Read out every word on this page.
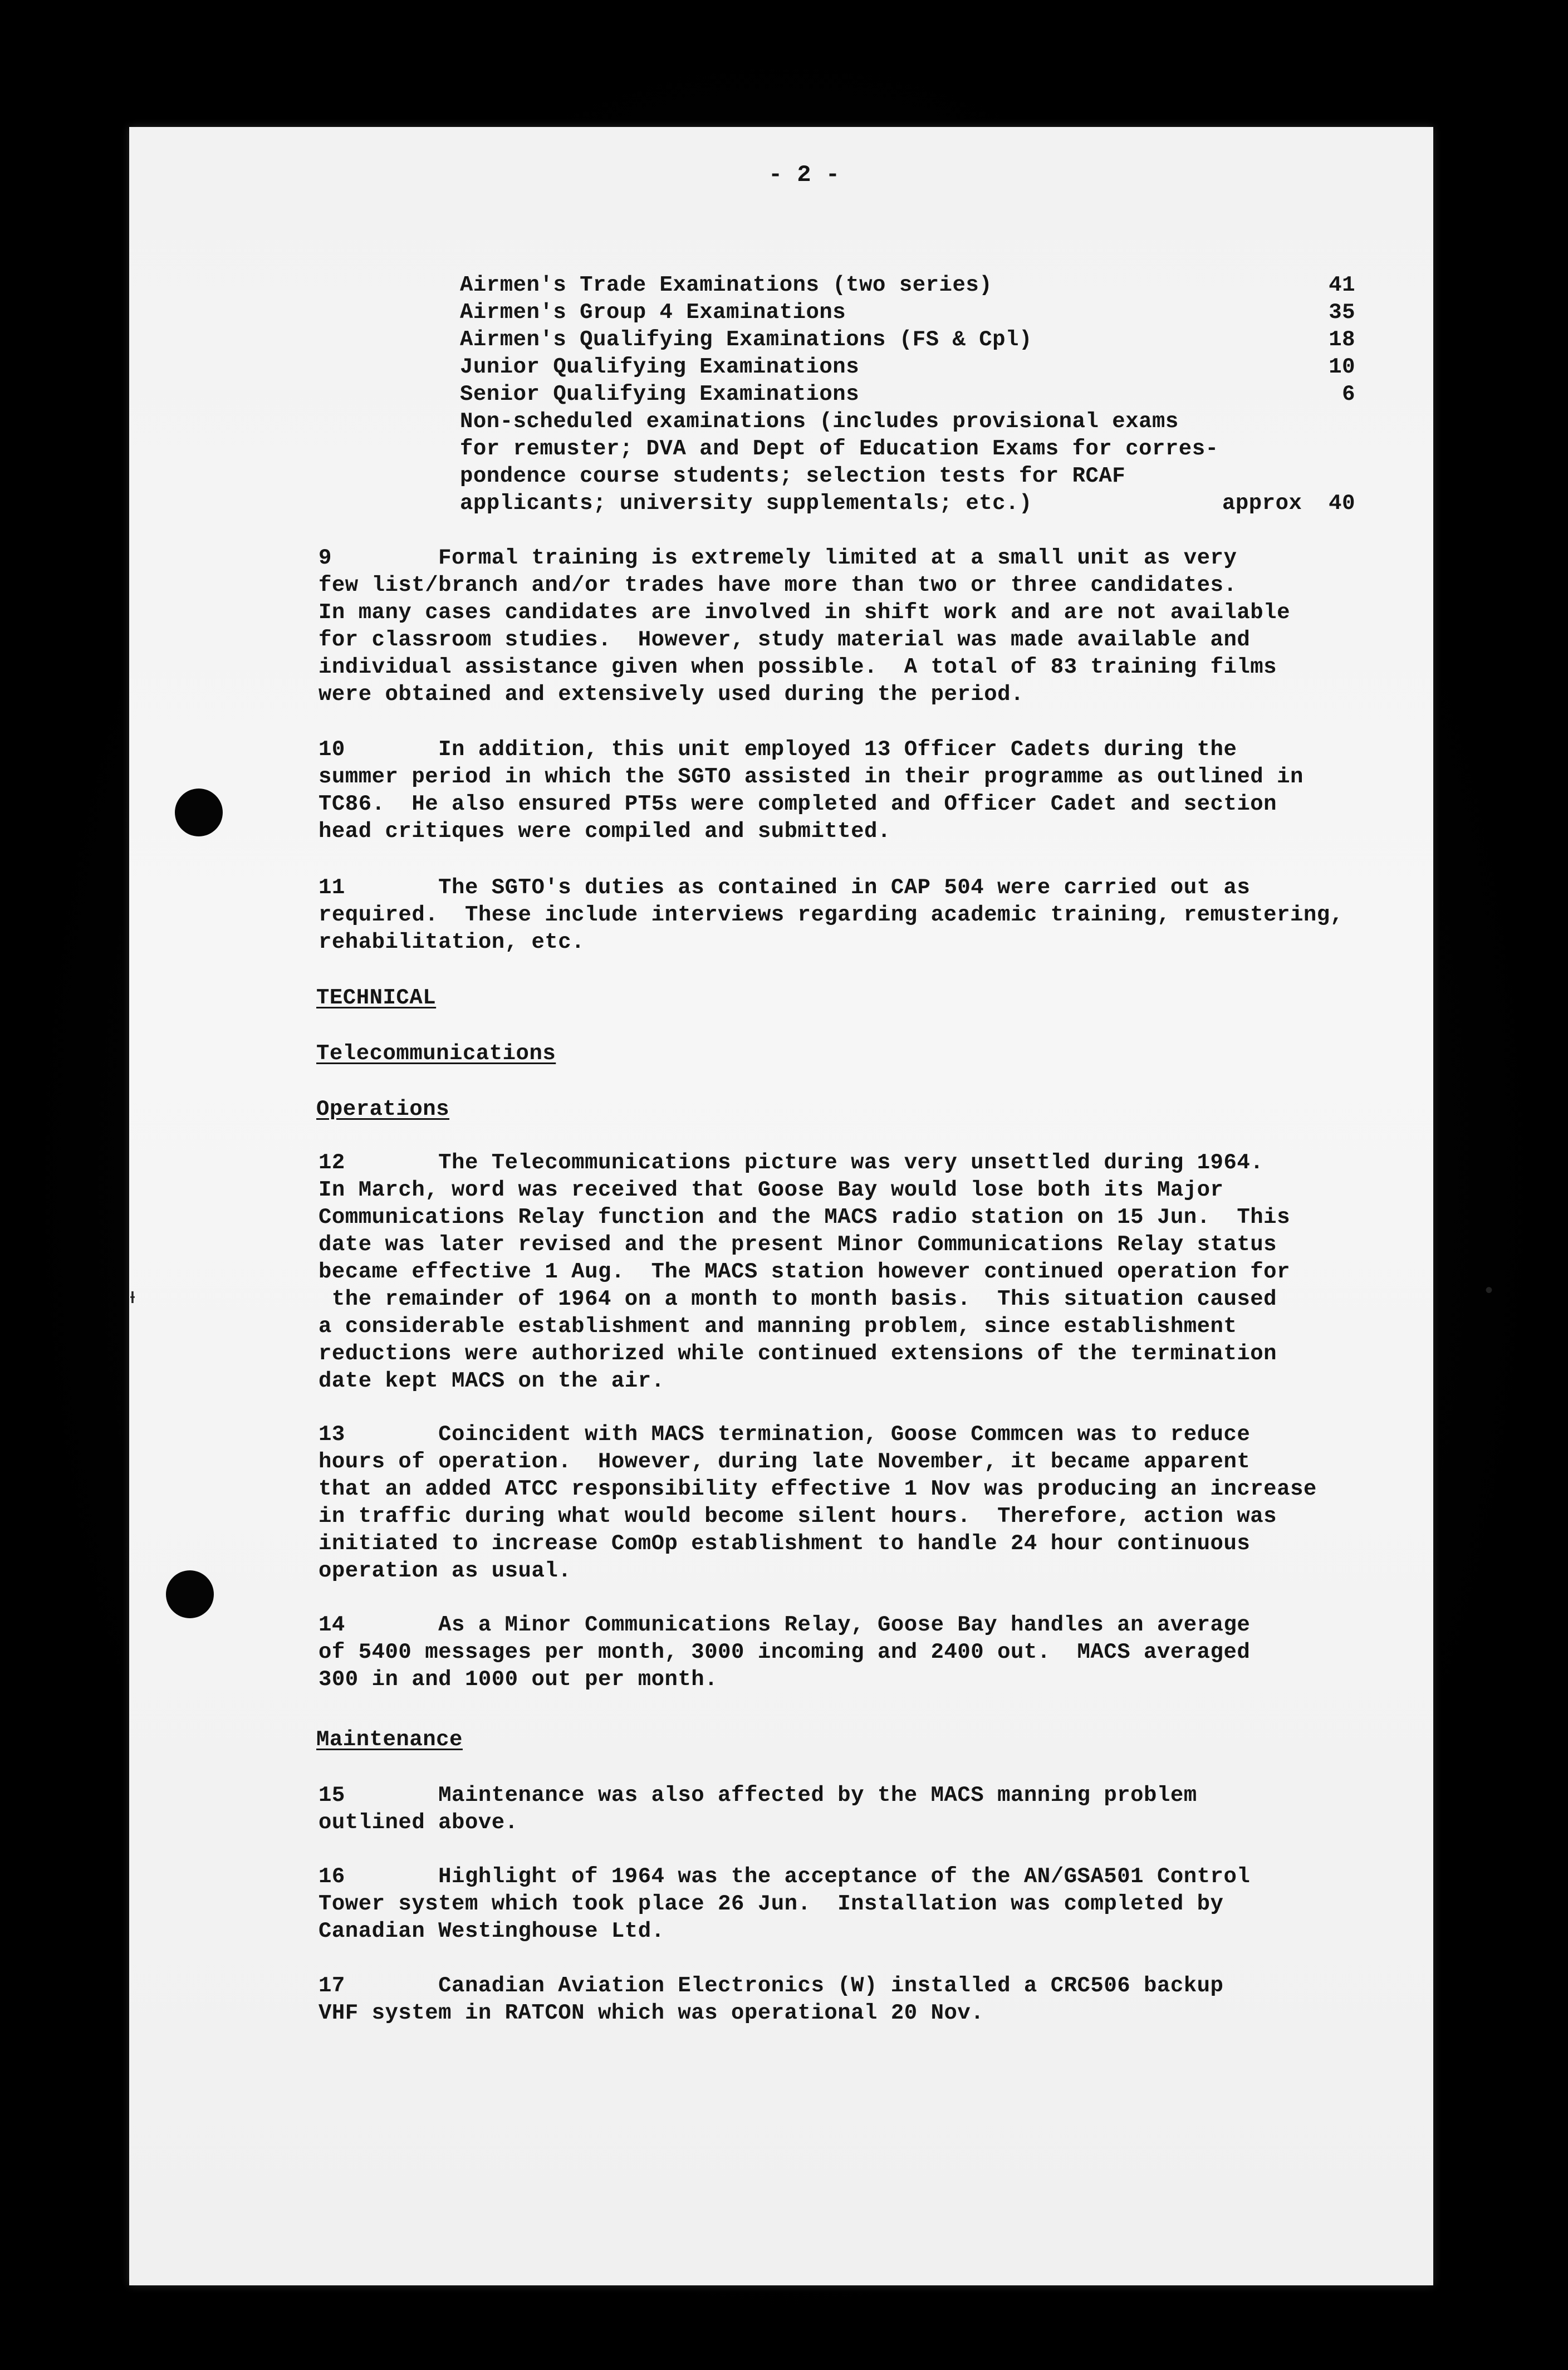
ᵻ	•
- 2 -
Airmen's Trade Examinations (two series)	41
Airmen's Group 4 Examinations	35
Airmen's Qualifying Examinations (FS & Cpl)	18
Junior Qualifying Examinations	10
Senior Qualifying Examinations	6
Non-scheduled examinations (includes provisional exams
for remuster; DVA and Dept of Education Exams for corres-
pondence course students; selection tests for RCAF
applicants; university supplementals; etc.)	approx  40
9        Formal training is extremely limited at a small unit as very
few list/branch and/or trades have more than two or three candidates.
In many cases candidates are involved in shift work and are not available
for classroom studies.  However, study material was made available and
individual assistance given when possible.  A total of 83 training films
were obtained and extensively used during the period.
10       In addition, this unit employed 13 Officer Cadets during the
summer period in which the SGTO assisted in their programme as outlined in
TC86.  He also ensured PT5s were completed and Officer Cadet and section
head critiques were compiled and submitted.
11       The SGTO's duties as contained in CAP 504 were carried out as
required.  These include interviews regarding academic training, remustering,
rehabilitation, etc.
TECHNICAL
Telecommunications
Operations
12       The Telecommunications picture was very unsettled during 1964.
In March, word was received that Goose Bay would lose both its Major
Communications Relay function and the MACS radio station on 15 Jun.  This
date was later revised and the present Minor Communications Relay status
became effective 1 Aug.  The MACS station however continued operation for
the remainder of 1964 on a month to month basis.  This situation caused
a considerable establishment and manning problem, since establishment
reductions were authorized while continued extensions of the termination
date kept MACS on the air.
13       Coincident with MACS termination, Goose Commcen was to reduce
hours of operation.  However, during late November, it became apparent
that an added ATCC responsibility effective 1 Nov was producing an increase
in traffic during what would become silent hours.  Therefore, action was
initiated to increase ComOp establishment to handle 24 hour continuous
operation as usual.
14       As a Minor Communications Relay, Goose Bay handles an average
of 5400 messages per month, 3000 incoming and 2400 out.  MACS averaged
300 in and 1000 out per month.
Maintenance
15       Maintenance was also affected by the MACS manning problem
outlined above.
16       Highlight of 1964 was the acceptance of the AN/GSA501 Control
Tower system which took place 26 Jun.  Installation was completed by
Canadian Westinghouse Ltd.
17       Canadian Aviation Electronics (W) installed a CRC506 backup
VHF system in RATCON which was operational 20 Nov.
